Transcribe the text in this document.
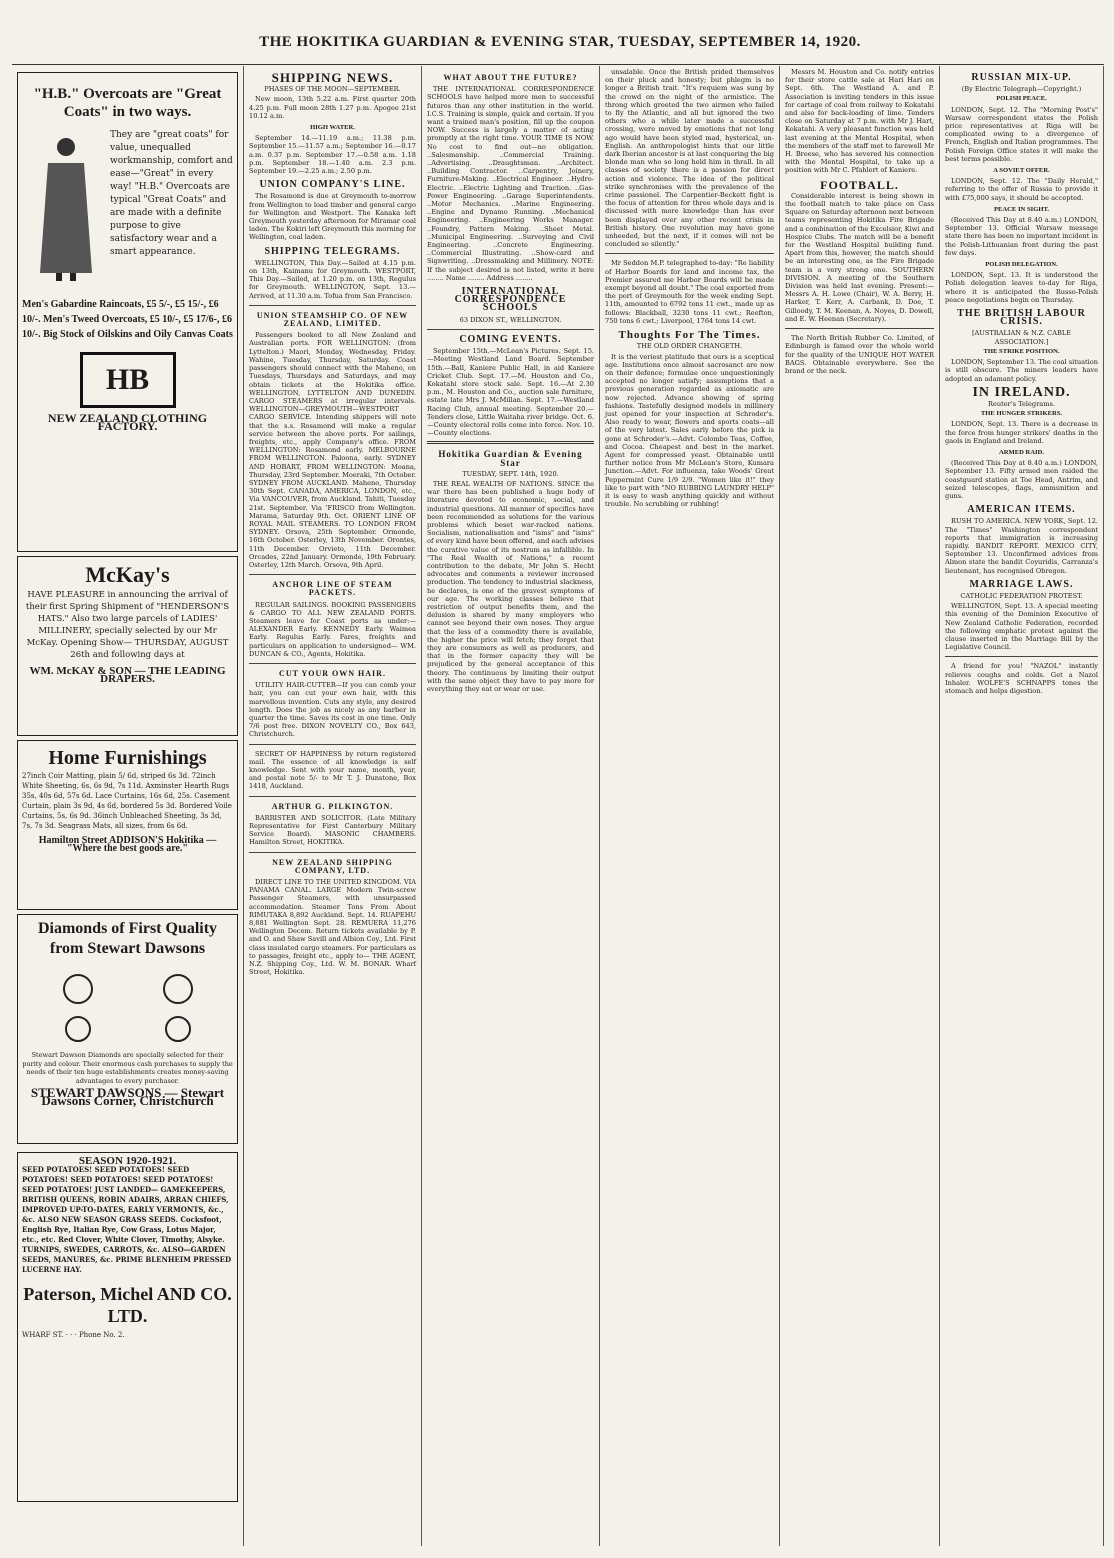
THE HOKITIKA GUARDIAN & EVENING STAR, TUESDAY, SEPTEMBER 14, 1920.
"H.B." Overcoats are "Great Coats" in two ways.
They are "great coats" for value, unequalled workmanship, comfort and ease—"Great" in every way! "H.B." Overcoats are typical "Great Coats" and are made with a definite purpose to give satisfactory wear and a smart appearance.
Men's Gabardine Raincoats, £5 5/-, £5 15/-, £6 10/-. Men's Tweed Overcoats, £5 10/-, £5 17/6-, £6 10/-. Big Stock of Oilskins and Oily Canvas Coats
HB
NEW ZEALAND CLOTHING FACTORY.
McKay's
HAVE PLEASURE in announcing the arrival of their first Spring Shipment of "HENDERSON'S HATS." Also two large parcels of LADIES' MILLINERY, specially selected by our Mr McKay. Opening Show— THURSDAY, AUGUST 26th and following days at
WM. McKAY & SON — THE LEADING DRAPERS.
Home Furnishings
27inch Coir Matting, plain 5/ 6d, striped 6s 3d. 72inch White Sheeting, 6s, 6s 9d, 7s 11d. Axminster Hearth Rugs 35s, 40s 6d, 57s 6d. Lace Curtains, 16s 6d, 25s. Casement Curtain, plain 3s 9d, 4s 6d, bordered 5s 3d. Bordered Voile Curtains, 5s, 6s 9d. 36inch Unbleached Sheeting, 3s 3d, 7s, 7s 3d. Seagrass Mats, all sizes, from 6s 6d.
Hamilton Street ADDISON'S Hokitika — "Where the best goods are."
Diamonds of First Quality from Stewart Dawsons
Stewart Dawson Diamonds are specially selected for their purity and colour. Their enormous cash purchases to supply the needs of their ten huge establishments creates money-saving advantages to every purchaser.
STEWART DAWSONS — Stewart Dawsons Corner, Christchurch
SEASON 1920-1921.
SEED POTATOES! SEED POTATOES! SEED POTATOES! SEED POTATOES! SEED POTATOES! SEED POTATOES! JUST LANDED— GAMEKEEPERS, BRITISH QUEENS, ROBIN ADAIRS, ARRAN CHIEFS, IMPROVED UP-TO-DATES, EARLY VERMONTS, &c., &c. ALSO NEW SEASON GRASS SEEDS. Cocksfoot, English Rye, Italian Rye, Cow Grass, Lotus Major, etc., etc. Red Clover, White Clover, Timothy, Alsyke. TURNIPS, SWEDES, CARROTS, &c. ALSO—GARDEN SEEDS, MANURES, &c. PRIME BLENHEIM PRESSED LUCERNE HAY.
Paterson, Michel AND CO. LTD.
WHARF ST. · · · Phone No. 2.
SHIPPING NEWS.
PHASES OF THE MOON—SEPTEMBER.
New moon, 13th 5.22 a.m. First quarter 20th 4.25 p.m. Full moon 28th 1.27 p.m. Apogee 21st 10.12 a.m.
HIGH WATER.
September 14.—11.19 a.m.; 11.38 p.m. September 15.—11.57 a.m.; September 16.—0.17 a.m. 0.37 p.m. September 17.—0.58 a.m. 1.18 p.m. September 18.—1.40 a.m. 2.3 p.m. September 19.—2.25 a.m.; 2.50 p.m.
UNION COMPANY'S LINE.
The Rosamond is due at Greymouth to-morrow from Wellington to load timber and general cargo for Wellington and Westport. The Kanaka left Greymouth yesterday afternoon for Miramar coal laden. The Kokiri left Greymouth this morning for Wellington, coal laden.
SHIPPING TELEGRAMS.
WELLINGTON, This Day.—Sailed at 4.15 p.m. on 13th, Kaimanu for Greymouth. WESTPORT, This Day.—Sailed, at 1.20 p.m. on 13th, Regulus for Greymouth. WELLINGTON, Sept. 13.—Arrived, at 11.30 a.m. Tofua from San Francisco.
UNION STEAMSHIP CO. OF NEW ZEALAND, LIMITED.
Passengers booked to all New Zealand and Australian ports. FOR WELLINGTON: (from Lyttelton.) Maori, Monday, Wednesday, Friday. Wahine, Tuesday, Thursday, Saturday. Coast passengers should connect with the Maheno, on Tuesdays, Thursdays and Saturdays, and may obtain tickets at the Hokitika office. WELLINGTON, LYTTELTON AND DUNEDIN. CARGO STEAMERS at irregular intervals. WELLINGTON—GREYMOUTH—WESTPORT CARGO SERVICE. Intending shippers will note that the s.s. Rosamond will make a regular service between the above ports. For sailings, freights, etc., apply Company's office. FROM WELLINGTON: Rosamond early. MELBOURNE FROM WELLINGTON. Paloona, early. SYDNEY AND HOBART, FROM WELLINGTON: Moana, Thursday, 23rd September. Moeraki, 7th October. SYDNEY FROM AUCKLAND. Maheno, Thursday 30th Sept. CANADA, AMERICA, LONDON, etc., Via VANCOUVER, from Auckland. Tahiti, Tuesday 21st. September. Via 'FRISCO from Wellington. Marama, Saturday 9th. Oct. ORIENT LINE OF ROYAL MAIL STEAMERS. TO LONDON FROM SYDNEY. Orsova, 25th September. Ormonde, 16th October. Osterley, 13th November. Orontes, 11th December. Orvieto, 11th December. Orcades, 22nd January. Ormonde, 19th February. Osterley, 12th March. Orsova, 9th April.
ANCHOR LINE OF STEAM PACKETS.
REGULAR SAILINGS. BOOKING PASSENGERS & CARGO TO ALL NEW ZEALAND PORTS. Steamers leave for Coast ports as under:— ALEXANDER Early. KENNEDY Early. Waimea Early. Regulus Early. Fares, freights and particulars on application to undersigned— WM. DUNCAN & CO., Agents, Hokitika.
CUT YOUR OWN HAIR.
UTILITY HAIR-CUTTER—If you can comb your hair, you can cut your own hair, with this marvellous invention. Cuts any style, any desired length. Does the job as nicely as any barber in quarter the time. Saves its cost in one time. Only 7/6 post free. DIXON NOVELTY CO., Box 643, Christchurch.
SECRET OF HAPPINESS by return registered mail. The essence of all knowledge is self knowledge. Sent with your name, month, year, and postal note 5/- to Mr T. J. Dunstone, Box 1418, Auckland.
ARTHUR G. PILKINGTON.
BARRISTER AND SOLICITOR. (Late Military Representative for First Canterbury Military Service Board). MASONIC CHAMBERS. Hamilton Street, HOKITIKA.
NEW ZEALAND SHIPPING COMPANY, LTD.
DIRECT LINE TO THE UNITED KINGDOM. VIA PANAMA CANAL. LARGE Modern Twin-screw Passenger Steamers, with unsurpassed accommodation. Steamer Tons From About RIMUTAKA 8,892 Auckland. Sept. 14. RUAPEHU 8,881 Wellington Sept. 28. REMUERA 11,276 Wellington Decem. Return tickets available by P. and O. and Shaw Savill and Albion Coy., Ltd. First class insulated cargo steamers. For particulars as to passages, freight etc., apply to— THE AGENT, N.Z. Shipping Coy., Ltd. W. M. BONAR. Wharf Street, Hokitika.
WHAT ABOUT THE FUTURE?
THE INTERNATIONAL CORRESPONDENCE SCHOOLS have helped more men to successful futures than any other institution in the world. I.C.S. Training is simple, quick and certain. If you want a trained man's position, fill up the coupon NOW. Success is largely a matter of acting promptly at the right time. YOUR TIME IS NOW. No cost to find out—no obligation. ..Salesmanship. ..Commercial Training. ..Advertising. ..Draughtsman. ..Architect. ..Building Contractor. ..Carpentry, Joinery, Furniture-Making. ..Electrical Engineer. ..Hydro-Electric. ..Electric Lighting and Traction. ..Gas-Power Engineering. ..Garage Superintendents. ..Motor Mechanics. ..Marine Engineering. ..Engine and Dynamo Running. ..Mechanical Engineering. ..Engineering Works Manager. ..Foundry, Pattern Making. ..Sheet Metal. ..Municipal Engineering. ..Surveying and Civil Engineering. ..Concrete Engineering. ..Commercial Illustrating. ..Show-card and Signwriting. ..Dressmaking and Millinery. NOTE: If the subject desired is not listed, write it here ........ Name ........ Address ........
INTERNATIONAL CORRESPONDENCE SCHOOLS
63 DIXON ST., WELLINGTON.
COMING EVENTS.
September 15th.—McLean's Pictures. Sept. 15.—Meeting Westland Land Board. September 15th.—Ball, Kaniere Public Hall, in aid Kaniere Cricket Club. Sept. 17.—M. Houston and Co., Kokatahi store stock sale. Sept. 16.—At 2.30 p.m., M. Houston and Co., auction sale furniture, estate late Mrs J. McMillan. Sept. 17.—Westland Racing Club, annual meeting. September 20.—Tenders close, Little Waitaha river bridge. Oct. 6.—County electoral rolls come into force. Nov. 10.—County elections.
Hokitika Guardian & Evening Star
TUESDAY, SEPT. 14th, 1920.
THE REAL WEALTH OF NATIONS. SINCE the war there has been published a huge body of literature devoted to economic, social, and industrial questions. All manner of specifics have been recommended as solutions for the various problems which beset war-racked nations. Socialism, nationalisation and "isms" and "isms" of every kind have been offered, and each advises the curative value of its nostrum as infallible. In "The Real Wealth of Nations," a recent contribution to the debate, Mr John S. Hecht advocates and comments a reviewer increased production. The tendency to industrial slackness, he declares, is one of the gravest symptoms of our age. The working classes believe that restriction of output benefits them, and the delusion is shared by many employers who cannot see beyond their own noses. They argue that the less of a commodity there is available, the higher the price will fetch; they forget that they are consumers as well as producers, and that in the former capacity they will be prejudiced by the general acceptance of this theory. The continuous by limiting their output with the same object they have to pay more for everything they eat or wear or use.
unsalable. Once the British prided themselves on their pluck and honesty; but phlegm is no longer a British trait. "It's requiem was sung by the crowd on the night of the armistice. The throng which greeted the two airmen who failed to fly the Atlantic, and all but ignored the two others who a while later made a successful crossing, were moved by emotions that not long ago would have been styled mad, hysterical, un-English. An anthropologist hints that our little dark Iberian ancestor is at last conquering the big blonde man who so long held him in thrall. In all classes of society there is a passion for direct action and violence. The idea of the political strike synchronises with the prevalence of the crime passionel. The Carpentier-Beckett fight is the focus of attention for three whole days and is discussed with more knowledge than has ever been displayed over any other recent crisis in British history. One revolution may have gone unheeded, but the next, if it comes will not be concluded so silently."
Mr Seddon M.P. telegraphed to-day: "Re liability of Harbor Boards for land and income tax, the Premier assured me Harbor Boards will be made exempt beyond all doubt." The coal exported from the port of Greymouth for the week ending Sept. 11th, amounted to 6792 tons 11 cwt., made up as follows: Blackball, 3230 tons 11 cwt.; Reefton, 750 tons 6 cwt.; Liverpool, 1764 tons 14 cwt.
Thoughts For The Times.
THE OLD ORDER CHANGETH.
It is the veriest platitude that ours is a sceptical age. Institutions once almost sacrosanct are now on their defence; formulae once unquestioningly accepted no longer satisfy; assumptions that a previous generation regarded as axiomatic are now rejected. Advance showing of spring fashions. Tastefully designed models in millinery just opened for your inspection at Schroder's. Also ready to wear, flowers and sports coats—all of the very latest. Sales early before the pick is gone at Schroder's.—Advt. Colombo Teas, Coffee, and Cocoa. Cheapest and best in the market. Agent for compressed yeast. Obtainable until further notice from Mr McLean's Store, Kumara Junction.—Advt. For influenza, take Woods' Great Peppermint Cure 1/9 2/9. "Women like it!" they like to part with "NO RUBBING LAUNDRY HELP" it is easy to wash anything quickly and without trouble. No scrubbing or rubbing!
Messrs M. Houston and Co. notify entries for their store cattle sale at Hari Hari on Sept. 6th. The Westland A. and P. Association is inviting tenders in this issue for cartage of coal from railway to Kokatahi and also for back-loading of lime. Tenders close on Saturday at 7 p.m. with Mr J. Hart, Kokatahi. A very pleasant function was held last evening at the Mental Hospital, when the members of the staff met to farewell Mr H. Breese, who has severed his connection with the Mental Hospital, to take up a position with Mr C. Pfahlert of Kaniere.
FOOTBALL.
Considerable interest is being shown in the football match to take place on Cass Square on Saturday afternoon next between teams representing Hokitika Fire Brigade and a combination of the Excelsior, Kiwi and Hospice Clubs. The match will be a benefit for the Westland Hospital building fund. Apart from this, however, the match should be an interesting one, as the Fire Brigade team is a very strong one. SOUTHERN DIVISION. A meeting of the Southern Division was held last evening. Present:—Messrs A. H. Lowe (Chair), W. A. Berry, H. Harker, T. Kerr, A. Carbank, D. Doe, T. Gilloody, T. M. Keenan, A. Noyes, D. Dowell, and E. W. Heenan (Secretary).
The North British Rubber Co. Limited, of Edinburgh is famed over the whole world for the quality of the UNIQUE HOT WATER BAGS. Obtainable everywhere. See the brand or the neck.
RUSSIAN MIX-UP.
(By Electric Telegraph—Copyright.)
POLISH PEACE.
LONDON, Sept. 12. The "Morning Post's" Warsaw correspondent states the Polish price representatives at Riga will be complicated owing to a divergence of French, English and Italian programmes. The Polish Foreign Office states it will make the best terms possible.
A SOVIET OFFER.
LONDON, Sept. 12. The "Daily Herald," referring to the offer of Russia to provide it with £75,000 says, it should be accepted.
PEACE IN SIGHT.
(Received This Day at 8.40 a.m.) LONDON, September 13. Official Warsaw message state there has been no important incident in the Polish-Lithuanian front during the past few days.
POLISH DELEGATION.
LONDON, Sept. 13. It is understood the Polish delegation leaves to-day for Riga, where it is anticipated the Russo-Polish peace negotiations begin on Thursday.
THE BRITISH LABOUR CRISIS.
[AUSTRALIAN & N.Z. CABLE ASSOCIATION.]
THE STRIKE POSITION.
LONDON, September 13. The coal situation is still obscure. The miners leaders have adopted an adamant policy.
IN IRELAND.
Reuter's Telegrams.
THE HUNGER STRIKERS.
LONDON, Sept. 13. There is a decrease in the force from hunger strikers' deaths in the gaols in England and Ireland.
ARMED RAID.
(Received This Day at 8.40 a.m.) LONDON, September 13. Fifty armed men raided the coastguard station at Toe Head, Antrim, and seized telescopes, flags, ammunition and guns.
AMERICAN ITEMS.
RUSH TO AMERICA. NEW YORK, Sept. 12. The "Times" Washington correspondent reports that immigration is increasing rapidly. BANDIT REPORT. MEXICO CITY, September 13. Unconfirmed advices from Almon state the bandit Coyuridis, Carranza's lieutenant, has recognised Obregon.
MARRIAGE LAWS.
CATHOLIC FEDERATION PROTEST.
WELLINGTON, Sept. 13. A special meeting this evening of the Dominion Executive of New Zealand Catholic Federation, recorded the following emphatic protest against the clause inserted in the Marriage Bill by the Legislative Council.
A friend for you! "NAZOL" instantly relieves coughs and colds. Get a Nazol Inhaler. WOLFE'S SCHNAPPS tones the stomach and helps digestion.
